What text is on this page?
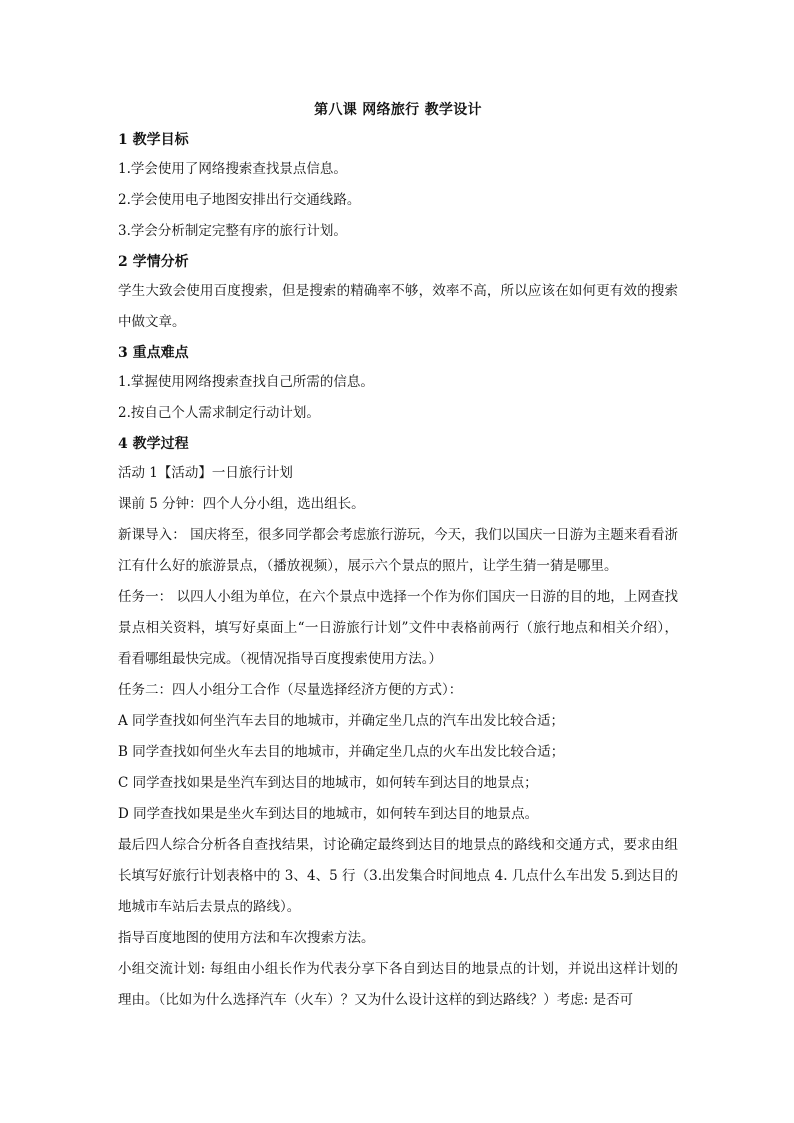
第八课 网络旅行 教学设计
1 教学目标
1.学会使用了网络搜索查找景点信息。
2.学会使用电子地图安排出行交通线路。
3.学会分析制定完整有序的旅行计划。
2 学情分析
学生大致会使用百度搜索，但是搜索的精确率不够，效率不高，所以应该在如何更有效的搜索中做文章。
3 重点难点
1.掌握使用网络搜索查找自己所需的信息。
2.按自己个人需求制定行动计划。
4 教学过程
活动 1【活动】一日旅行计划
课前 5 分钟：四个人分小组，选出组长。
新课导入： 国庆将至，很多同学都会考虑旅行游玩，今天，我们以国庆一日游为主题来看看浙江有什么好的旅游景点，（播放视频），展示六个景点的照片，让学生猜一猜是哪里。
任务一： 以四人小组为单位，在六个景点中选择一个作为你们国庆一日游的目的地，上网查找景点相关资料，填写好桌面上“一日游旅行计划”文件中表格前两行（旅行地点和相关介绍），看看哪组最快完成。（视情况指导百度搜索使用方法。）
任务二：四人小组分工合作（尽量选择经济方便的方式）：
A 同学查找如何坐汽车去目的地城市，并确定坐几点的汽车出发比较合适；
B 同学查找如何坐火车去目的地城市，并确定坐几点的火车出发比较合适；
C 同学查找如果是坐汽车到达目的地城市，如何转车到达目的地景点；
D 同学查找如果是坐火车到达目的地城市，如何转车到达目的地景点。
最后四人综合分析各自查找结果，讨论确定最终到达目的地景点的路线和交通方式，要求由组长填写好旅行计划表格中的 3、4、5 行（3.出发集合时间地点 4. 几点什么车出发 5.到达目的地城市车站后去景点的路线）。
指导百度地图的使用方法和车次搜索方法。
小组交流计划: 每组由小组长作为代表分享下各自到达目的地景点的计划，并说出这样计划的理由。（比如为什么选择汽车（火车）？又为什么设计这样的到达路线？）考虑: 是否可
